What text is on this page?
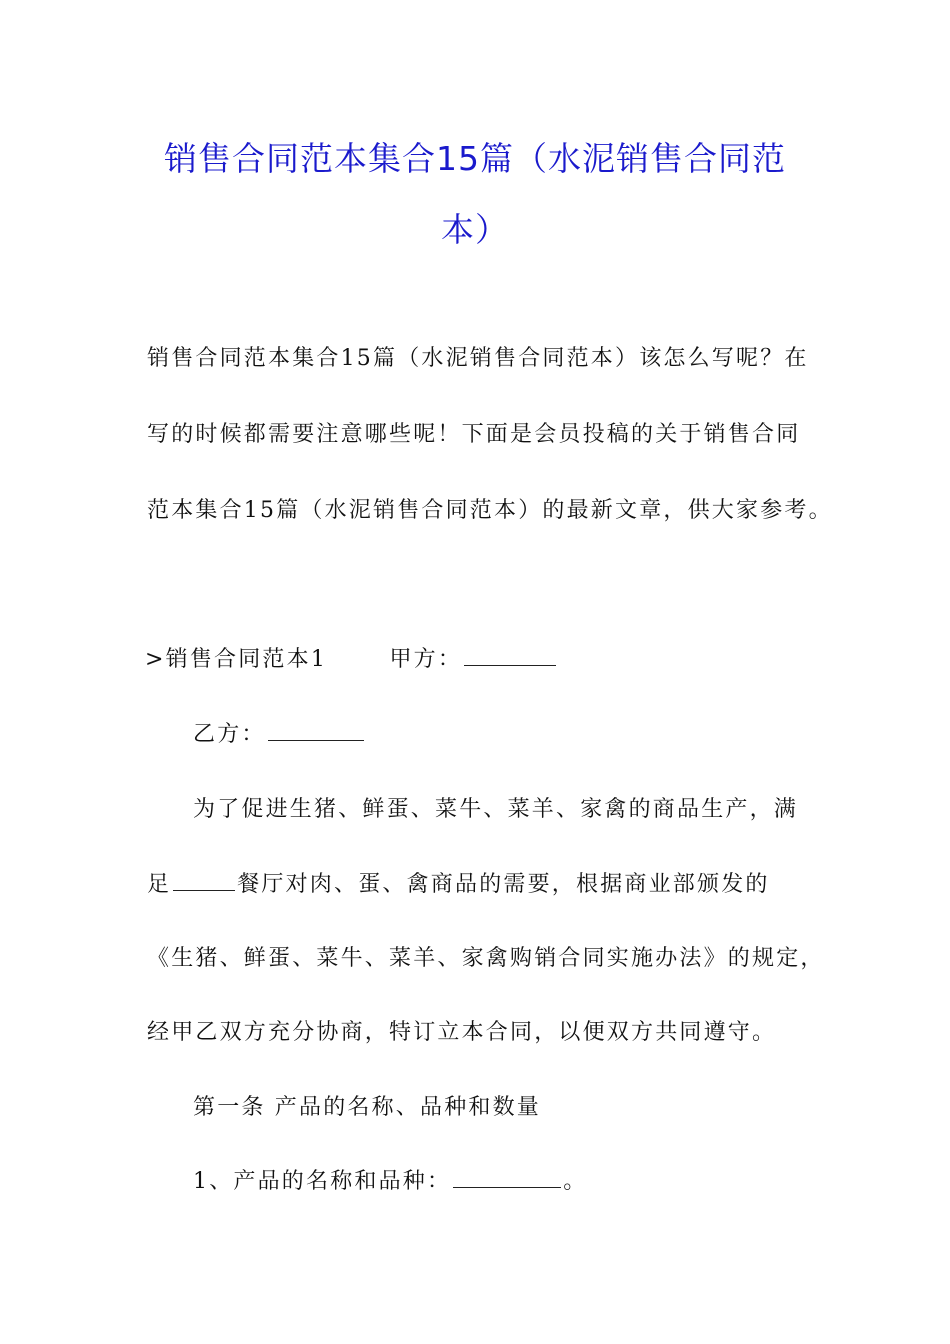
销售合同范本集合15篇（水泥销售合同范
本）
销售合同范本集合15篇（水泥销售合同范本）该怎么写呢？在
写的时候都需要注意哪些呢！下面是会员投稿的关于销售合同
范本集合15篇（水泥销售合同范本）的最新文章，供大家参考。
>销售合同范本1	甲方：
乙方：
为了促进生猪、鲜蛋、菜牛、菜羊、家禽的商品生产，满
足	餐厅对肉、蛋、禽商品的需要，根据商业部颁发的
《生猪、鲜蛋、菜牛、菜羊、家禽购销合同实施办法》的规定，
经甲乙双方充分协商，特订立本合同，以便双方共同遵守。
第一条 产品的名称、品种和数量
1、产品的名称和品种：	。
